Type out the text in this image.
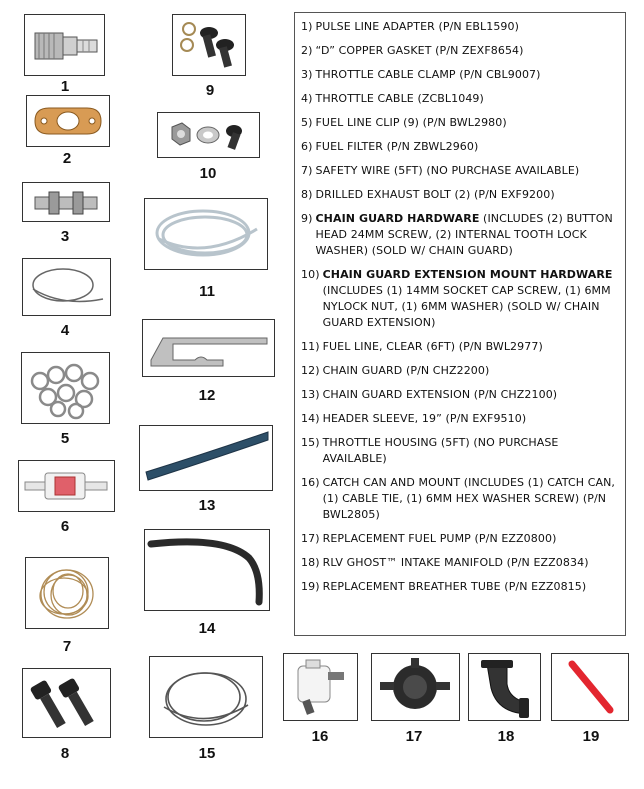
1
2
3
4
5
6
7
8
9
10
11
12
13
14
15
16	17	18	19
1) PULSE LINE ADAPTER (P/N EBL1590)
2) “D” COPPER GASKET (P/N ZEXF8654)
3) THROTTLE CABLE CLAMP (P/N CBL9007)
4) THROTTLE CABLE (ZCBL1049)
5) FUEL LINE CLIP (9) (P/N BWL2980)
6) FUEL FILTER (P/N ZBWL2960)
7) SAFETY WIRE (5FT) (NO PURCHASE AVAILABLE)
8) DRILLED EXHAUST BOLT (2) (P/N EXF9200)
9) CHAIN GUARD HARDWARE (INCLUDES (2) BUTTON HEAD 24MM SCREW, (2) INTERNAL TOOTH LOCK WASHER) (SOLD W/ CHAIN GUARD)
10) CHAIN GUARD EXTENSION MOUNT HARDWARE (INCLUDES (1) 14MM SOCKET CAP SCREW, (1) 6MM NYLOCK NUT, (1) 6MM WASHER) (SOLD W/ CHAIN GUARD EXTENSION)
11) FUEL LINE, CLEAR (6FT) (P/N BWL2977)
12) CHAIN GUARD (P/N CHZ2200)
13) CHAIN GUARD EXTENSION (P/N CHZ2100)
14) HEADER SLEEVE, 19” (P/N EXF9510)
15) THROTTLE HOUSING (5FT) (NO PURCHASE AVAILABLE)
16) CATCH CAN AND MOUNT (INCLUDES (1) CATCH CAN, (1) CABLE TIE, (1) 6MM HEX WASHER SCREW) (P/N BWL2805)
17) REPLACEMENT FUEL PUMP (P/N EZZ0800)
18) RLV GHOST™ INTAKE MANIFOLD (P/N EZZ0834)
19) REPLACEMENT BREATHER TUBE (P/N EZZ0815)
